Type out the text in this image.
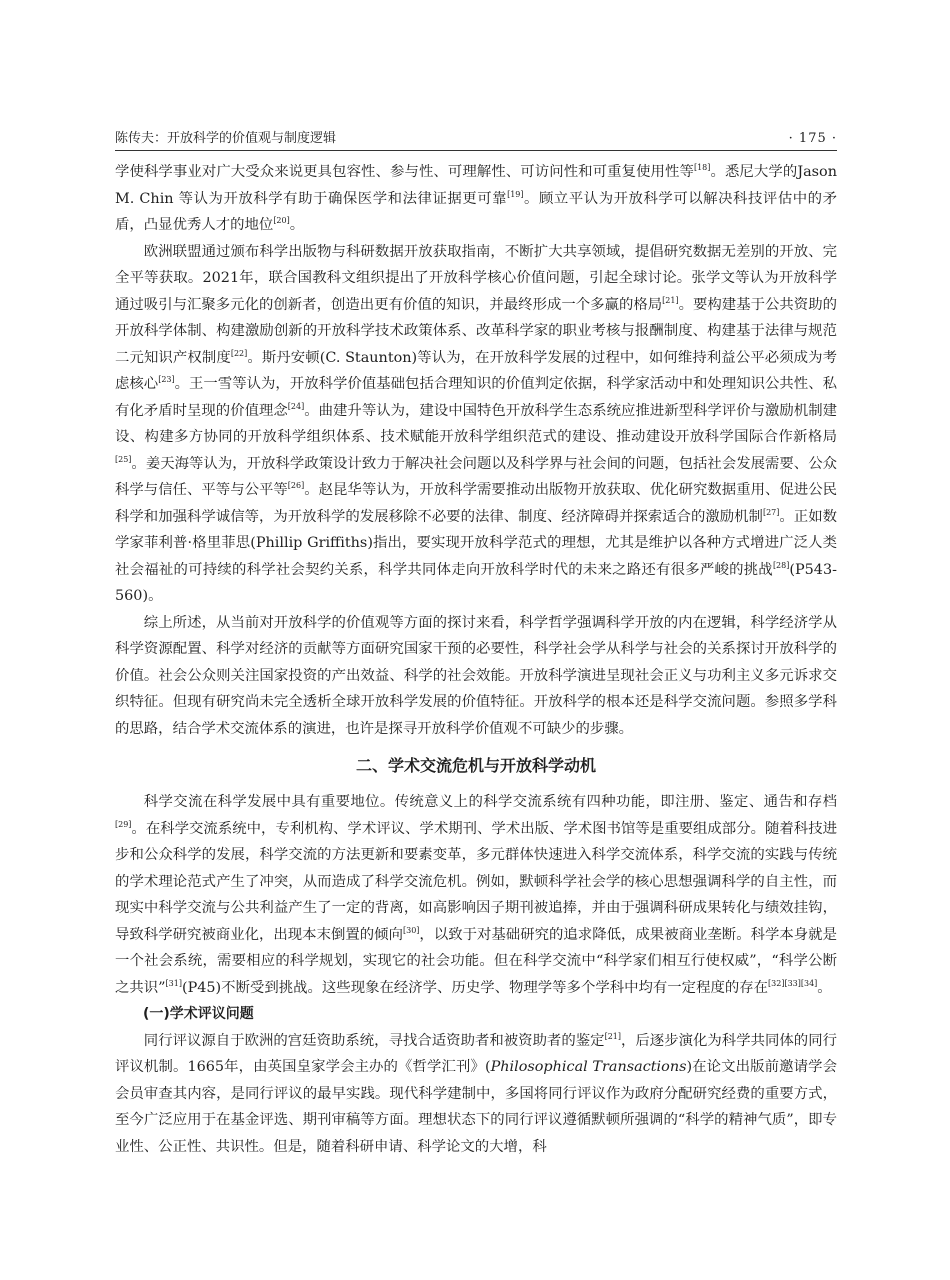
陈传夫：开放科学的价值观与制度逻辑	· 175 ·

学使科学事业对广大受众来说更具包容性、参与性、可理解性、可访问性和可重复使用性等[18]。悉尼大学的Jason M. Chin 等认为开放科学有助于确保医学和法律证据更可靠[19]。顾立平认为开放科学可以解决科技评估中的矛盾，凸显优秀人才的地位[20]。

欧洲联盟通过颁布科学出版物与科研数据开放获取指南，不断扩大共享领域，提倡研究数据无差别的开放、完全平等获取。2021年，联合国教科文组织提出了开放科学核心价值问题，引起全球讨论。张学文等认为开放科学通过吸引与汇聚多元化的创新者，创造出更有价值的知识，并最终形成一个多赢的格局[21]。要构建基于公共资助的开放科学体制、构建激励创新的开放科学技术政策体系、改革科学家的职业考核与报酬制度、构建基于法律与规范二元知识产权制度[22]。斯丹安顿(C. Staunton)等认为，在开放科学发展的过程中，如何维持利益公平必须成为考虑核心[23]。王一雪等认为，开放科学价值基础包括合理知识的价值判定依据，科学家活动中和处理知识公共性、私有化矛盾时呈现的价值理念[24]。曲建升等认为，建设中国特色开放科学生态系统应推进新型科学评价与激励机制建设、构建多方协同的开放科学组织体系、技术赋能开放科学组织范式的建设、推动建设开放科学国际合作新格局[25]。姜天海等认为，开放科学政策设计致力于解决社会问题以及科学界与社会间的问题，包括社会发展需要、公众科学与信任、平等与公平等[26]。赵昆华等认为，开放科学需要推动出版物开放获取、优化研究数据重用、促进公民科学和加强科学诚信等，为开放科学的发展移除不必要的法律、制度、经济障碍并探索适合的激励机制[27]。正如数学家菲利普·格里菲思(Phillip Griffiths)指出，要实现开放科学范式的理想，尤其是维护以各种方式增进广泛人类社会福祉的可持续的科学社会契约关系，科学共同体走向开放科学时代的未来之路还有很多严峻的挑战[28](P543-560)。

综上所述，从当前对开放科学的价值观等方面的探讨来看，科学哲学强调科学开放的内在逻辑，科学经济学从科学资源配置、科学对经济的贡献等方面研究国家干预的必要性，科学社会学从科学与社会的关系探讨开放科学的价值。社会公众则关注国家投资的产出效益、科学的社会效能。开放科学演进呈现社会正义与功利主义多元诉求交织特征。但现有研究尚未完全透析全球开放科学发展的价值特征。开放科学的根本还是科学交流问题。参照多学科的思路，结合学术交流体系的演进，也许是探寻开放科学价值观不可缺少的步骤。

二、学术交流危机与开放科学动机

科学交流在科学发展中具有重要地位。传统意义上的科学交流系统有四种功能，即注册、鉴定、通告和存档[29]。在科学交流系统中，专利机构、学术评议、学术期刊、学术出版、学术图书馆等是重要组成部分。随着科技进步和公众科学的发展，科学交流的方法更新和要素变革，多元群体快速进入科学交流体系，科学交流的实践与传统的学术理论范式产生了冲突，从而造成了科学交流危机。例如，默顿科学社会学的核心思想强调科学的自主性，而现实中科学交流与公共利益产生了一定的背离，如高影响因子期刊被追捧，并由于强调科研成果转化与绩效挂钩，导致科学研究被商业化，出现本末倒置的倾向[30]，以致于对基础研究的追求降低，成果被商业垄断。科学本身就是一个社会系统，需要相应的科学规划，实现它的社会功能。但在科学交流中“科学家们相互行使权威”，“科学公断之共识”[31](P45)不断受到挑战。这些现象在经济学、历史学、物理学等多个学科中均有一定程度的存在[32][33][34]。

(一)学术评议问题

同行评议源自于欧洲的宫廷资助系统，寻找合适资助者和被资助者的鉴定[21]，后逐步演化为科学共同体的同行评议机制。1665年，由英国皇家学会主办的《哲学汇刊》(Philosophical Transactions)在论文出版前邀请学会会员审查其内容，是同行评议的最早实践。现代科学建制中，多国将同行评议作为政府分配研究经费的重要方式，至今广泛应用于在基金评选、期刊审稿等方面。理想状态下的同行评议遵循默顿所强调的“科学的精神气质”，即专业性、公正性、共识性。但是，随着科研申请、科学论文的大增，科
